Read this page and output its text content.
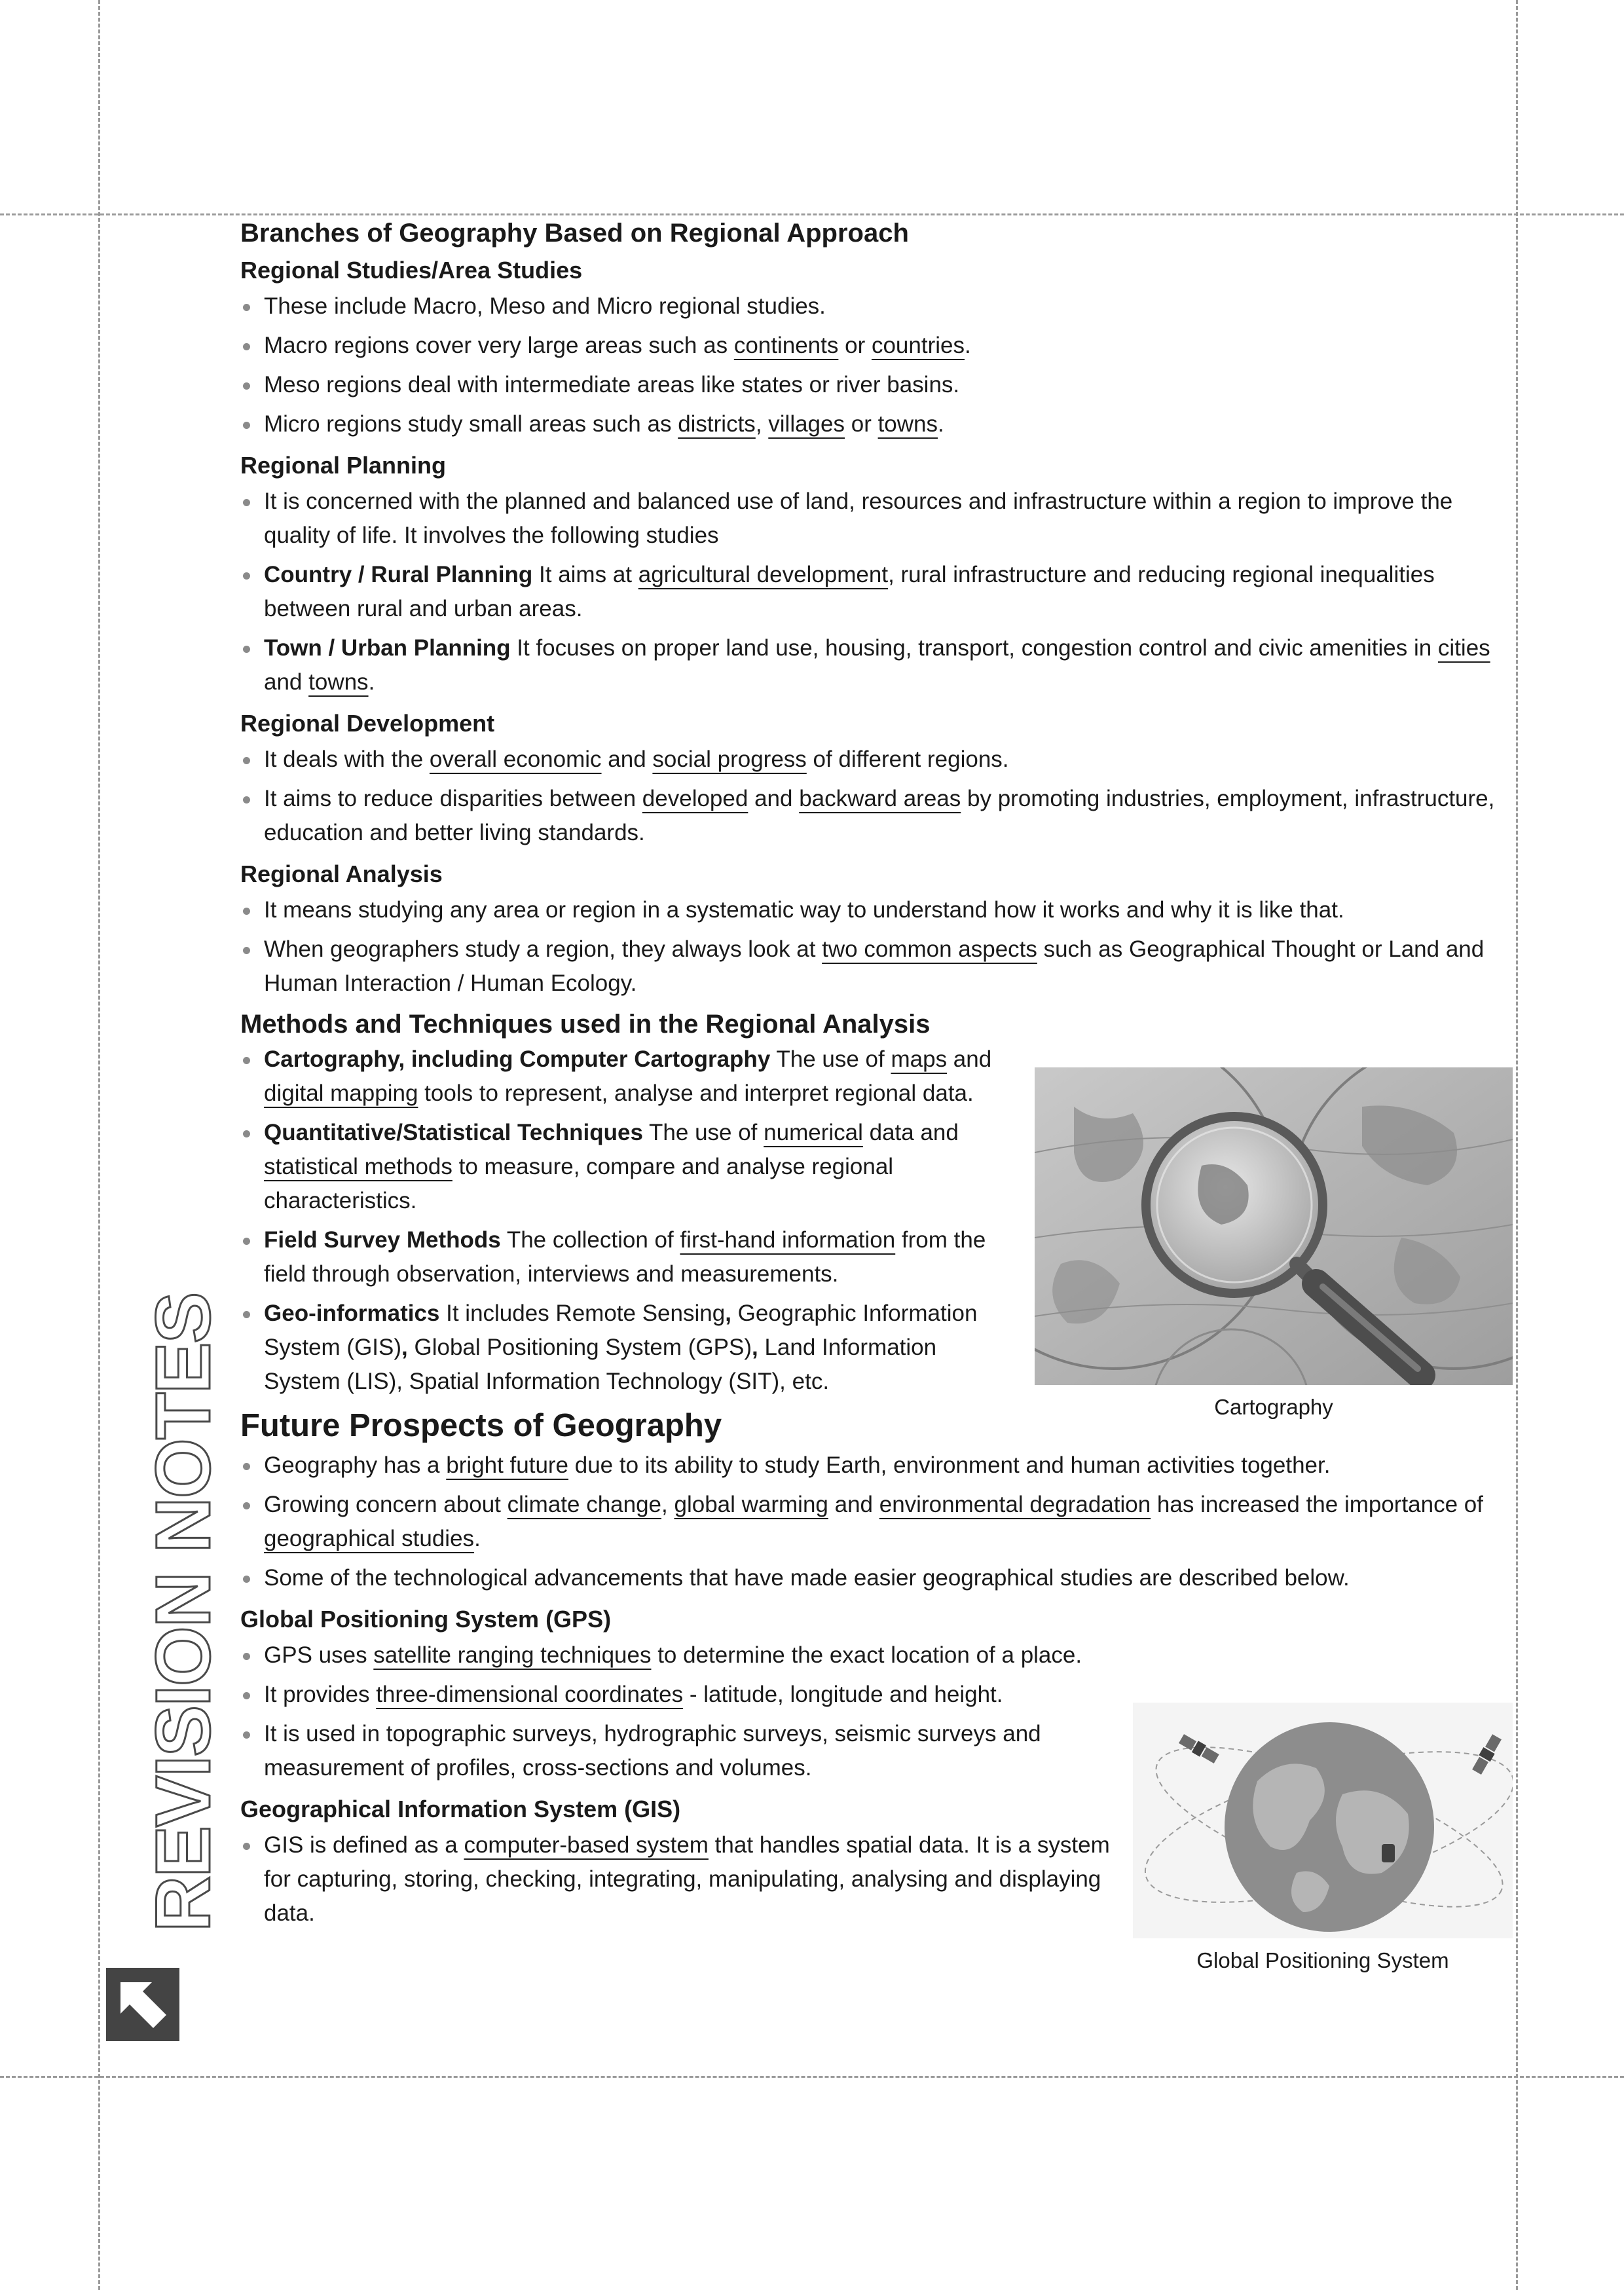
REVISION NOTES
Branches of Geography Based on Regional Approach
Regional Studies/Area Studies
These include Macro, Meso and Micro regional studies.
Macro regions cover very large areas such as continents or countries.
Meso regions deal with intermediate areas like states or river basins.
Micro regions study small areas such as districts, villages or towns.
Regional Planning
It is concerned with the planned and balanced use of land, resources and infrastructure within a region to improve the quality of life. It involves the following studies
Country / Rural Planning It aims at agricultural development, rural infrastructure and reducing regional inequalities between rural and urban areas.
Town / Urban Planning It focuses on proper land use, housing, transport, congestion control and civic amenities in cities and towns.
Regional Development
It deals with the overall economic and social progress of different regions.
It aims to reduce disparities between developed and backward areas by promoting industries, employment, infrastructure, education and better living standards.
Regional Analysis
It means studying any area or region in a systematic way to understand how it works and why it is like that.
When geographers study a region, they always look at two common aspects such as Geographical Thought or Land and Human Interaction / Human Ecology.
Methods and Techniques used in the Regional Analysis
Cartography, including Computer Cartography The use of maps and digital mapping tools to represent, analyse and interpret regional data.
Quantitative/Statistical Techniques The use of numerical data and statistical methods to measure, compare and analyse regional characteristics.
Field Survey Methods The collection of first-hand information from the field through observation, interviews and measurements.
Geo-informatics It includes Remote Sensing, Geographic Information System (GIS), Global Positioning System (GPS), Land Information System (LIS), Spatial Information Technology (SIT), etc.
Future Prospects of Geography
Geography has a bright future due to its ability to study Earth, environment and human activities together.
Growing concern about climate change, global warming and environmental degradation has increased the importance of geographical studies.
Some of the technological advancements that have made easier geographical studies are described below.
Global Positioning System (GPS)
GPS uses satellite ranging techniques to determine the exact location of a place.
It provides three-dimensional coordinates - latitude, longitude and height.
It is used in topographic surveys, hydrographic surveys, seismic surveys and measurement of profiles, cross-sections and volumes.
Geographical Information System (GIS)
GIS is defined as a computer-based system that handles spatial data. It is a system for capturing, storing, checking, integrating, manipulating, analysing and displaying data.
Cartography
Global Positioning System
